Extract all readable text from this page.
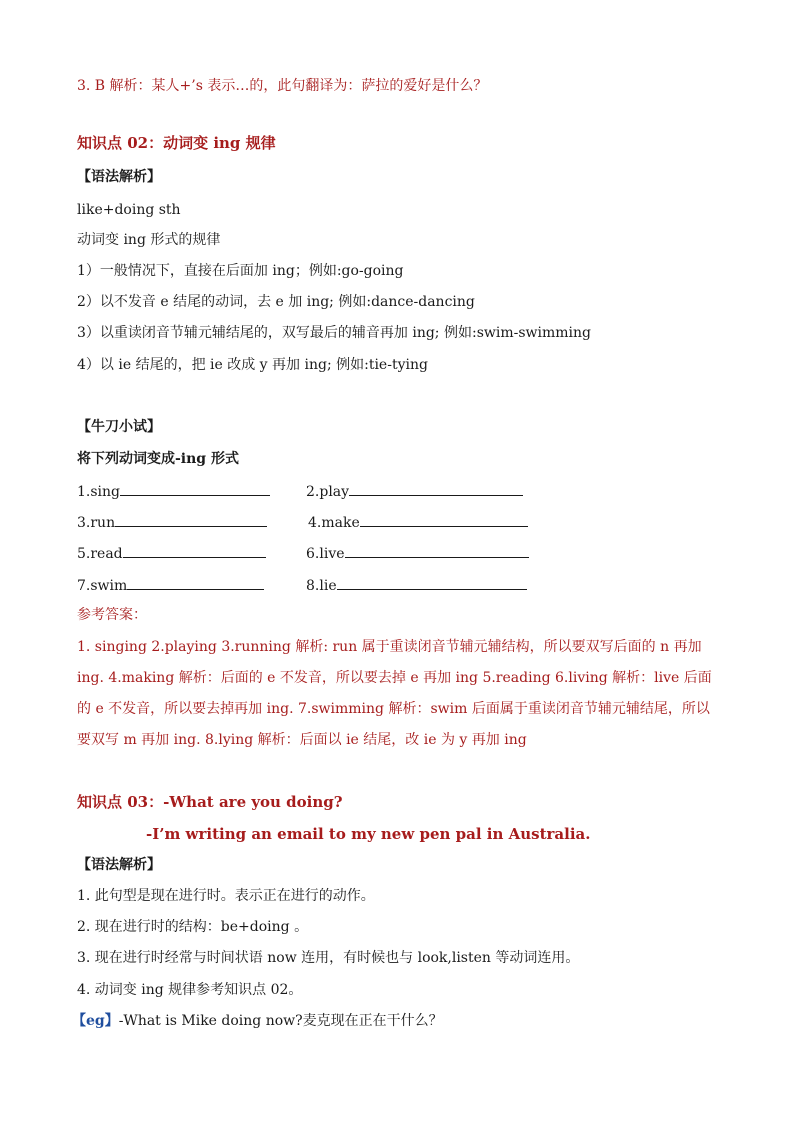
3. B 解析：某人+’s 表示…的，此句翻译为：萨拉的爱好是什么？
知识点 02：动词变 ing 规律
【语法解析】
like+doing sth
动词变 ing 形式的规律
1）一般情况下，直接在后面加 ing；例如:go-going
2）以不发音 e 结尾的动词，去 e 加 ing; 例如:dance-dancing
3）以重读闭音节辅元辅结尾的，双写最后的辅音再加 ing; 例如:swim-swimming
4）以 ie 结尾的，把 ie 改成 y 再加 ing; 例如:tie-tying
【牛刀小试】
将下列动词变成-ing 形式
1.sing	2.play
3.run	4.make
5.read	6.live
7.swim	8.lie
参考答案：
1. singing 2.playing 3.running 解析: run 属于重读闭音节辅元辅结构，所以要双写后面的 n 再加 ing. 4.making 解析：后面的 e 不发音，所以要去掉 e 再加 ing 5.reading 6.living 解析：live 后面的 e 不发音，所以要去掉再加 ing. 7.swimming 解析：swim 后面属于重读闭音节辅元辅结尾，所以要双写 m 再加 ing. 8.lying 解析：后面以 ie 结尾，改 ie 为 y 再加 ing
知识点 03：-What are you doing?
-I’m writing an email to my new pen pal in Australia.
【语法解析】
1. 此句型是现在进行时。表示正在进行的动作。
2. 现在进行时的结构：be+doing 。
3. 现在进行时经常与时间状语 now 连用，有时候也与 look,listen 等动词连用。
4. 动词变 ing 规律参考知识点 02。
【eg】-What is Mike doing now?麦克现在正在干什么？
